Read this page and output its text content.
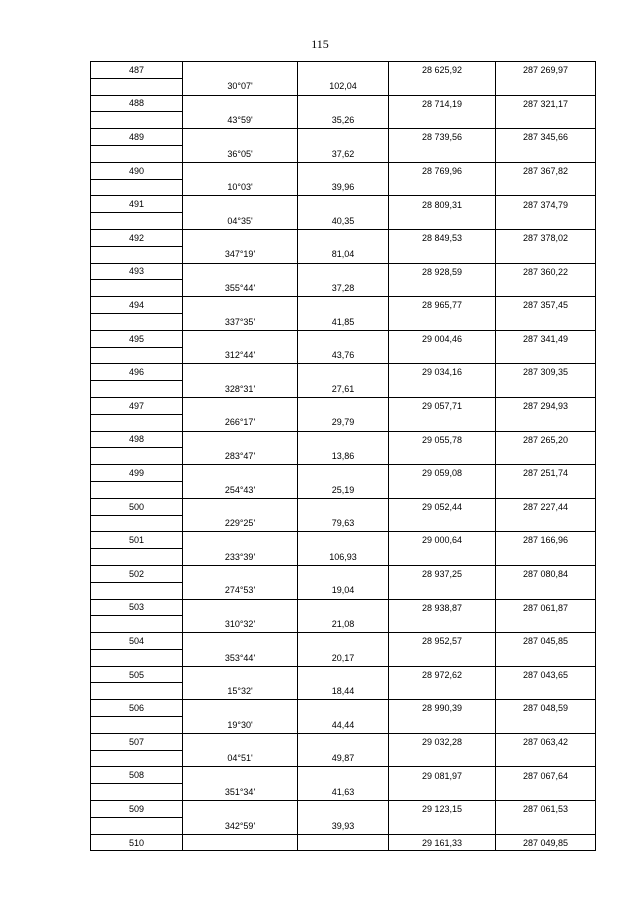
115
487			28 625,92	287 269,97
	30°07'	102,04		
488			28 714,19	287 321,17
	43°59'	35,26		
489			28 739,56	287 345,66
	36°05'	37,62		
490			28 769,96	287 367,82
	10°03'	39,96		
491			28 809,31	287 374,79
	04°35'	40,35		
492			28 849,53	287 378,02
	347°19'	81,04		
493			28 928,59	287 360,22
	355°44'	37,28		
494			28 965,77	287 357,45
	337°35'	41,85		
495			29 004,46	287 341,49
	312°44'	43,76		
496			29 034,16	287 309,35
	328°31'	27,61		
497			29 057,71	287 294,93
	266°17'	29,79		
498			29 055,78	287 265,20
	283°47'	13,86		
499			29 059,08	287 251,74
	254°43'	25,19		
500			29 052,44	287 227,44
	229°25'	79,63		
501			29 000,64	287 166,96
	233°39'	106,93		
502			28 937,25	287 080,84
	274°53'	19,04		
503			28 938,87	287 061,87
	310°32'	21,08		
504			28 952,57	287 045,85
	353°44'	20,17		
505			28 972,62	287 043,65
	15°32'	18,44		
506			28 990,39	287 048,59
	19°30'	44,44		
507			29 032,28	287 063,42
	04°51'	49,87		
508			29 081,97	287 067,64
	351°34'	41,63		
509			29 123,15	287 061,53
	342°59'	39,93		
510			29 161,33	287 049,85
